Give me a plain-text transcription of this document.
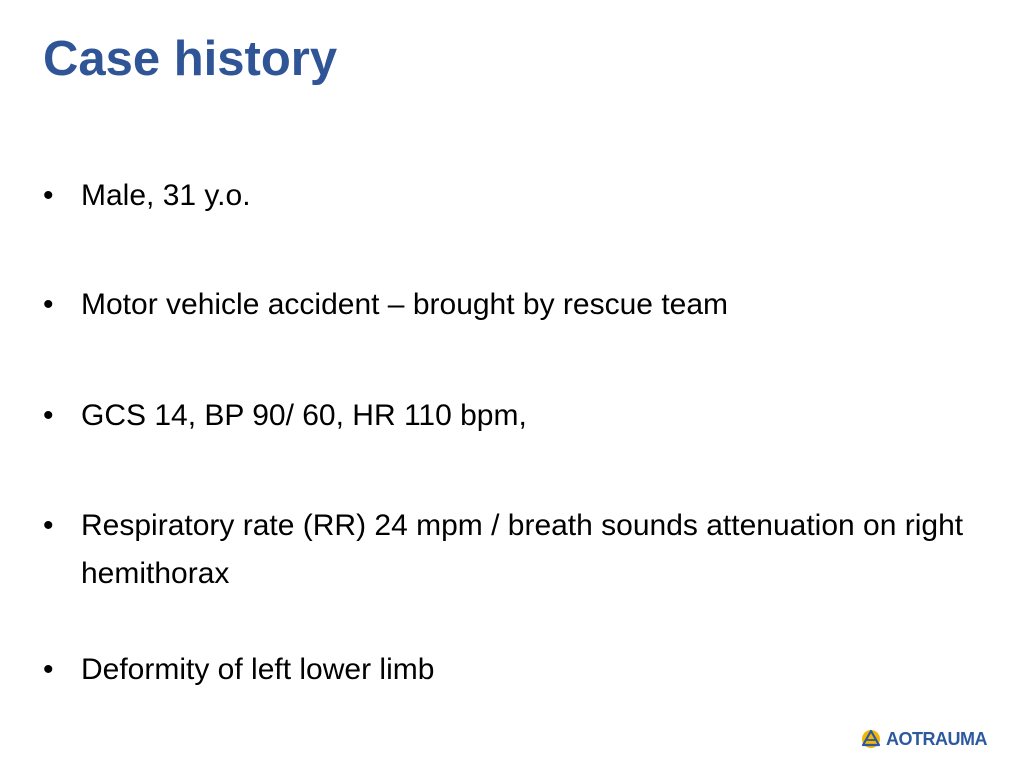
Case history
• Male, 31 y.o.
• Motor vehicle accident – brought by rescue team
• GCS 14, BP 90/ 60, HR 110 bpm,
• Respiratory rate (RR) 24 mpm / breath sounds attenuation on right hemithorax
• Deformity of left lower limb
AOTRAUMA
